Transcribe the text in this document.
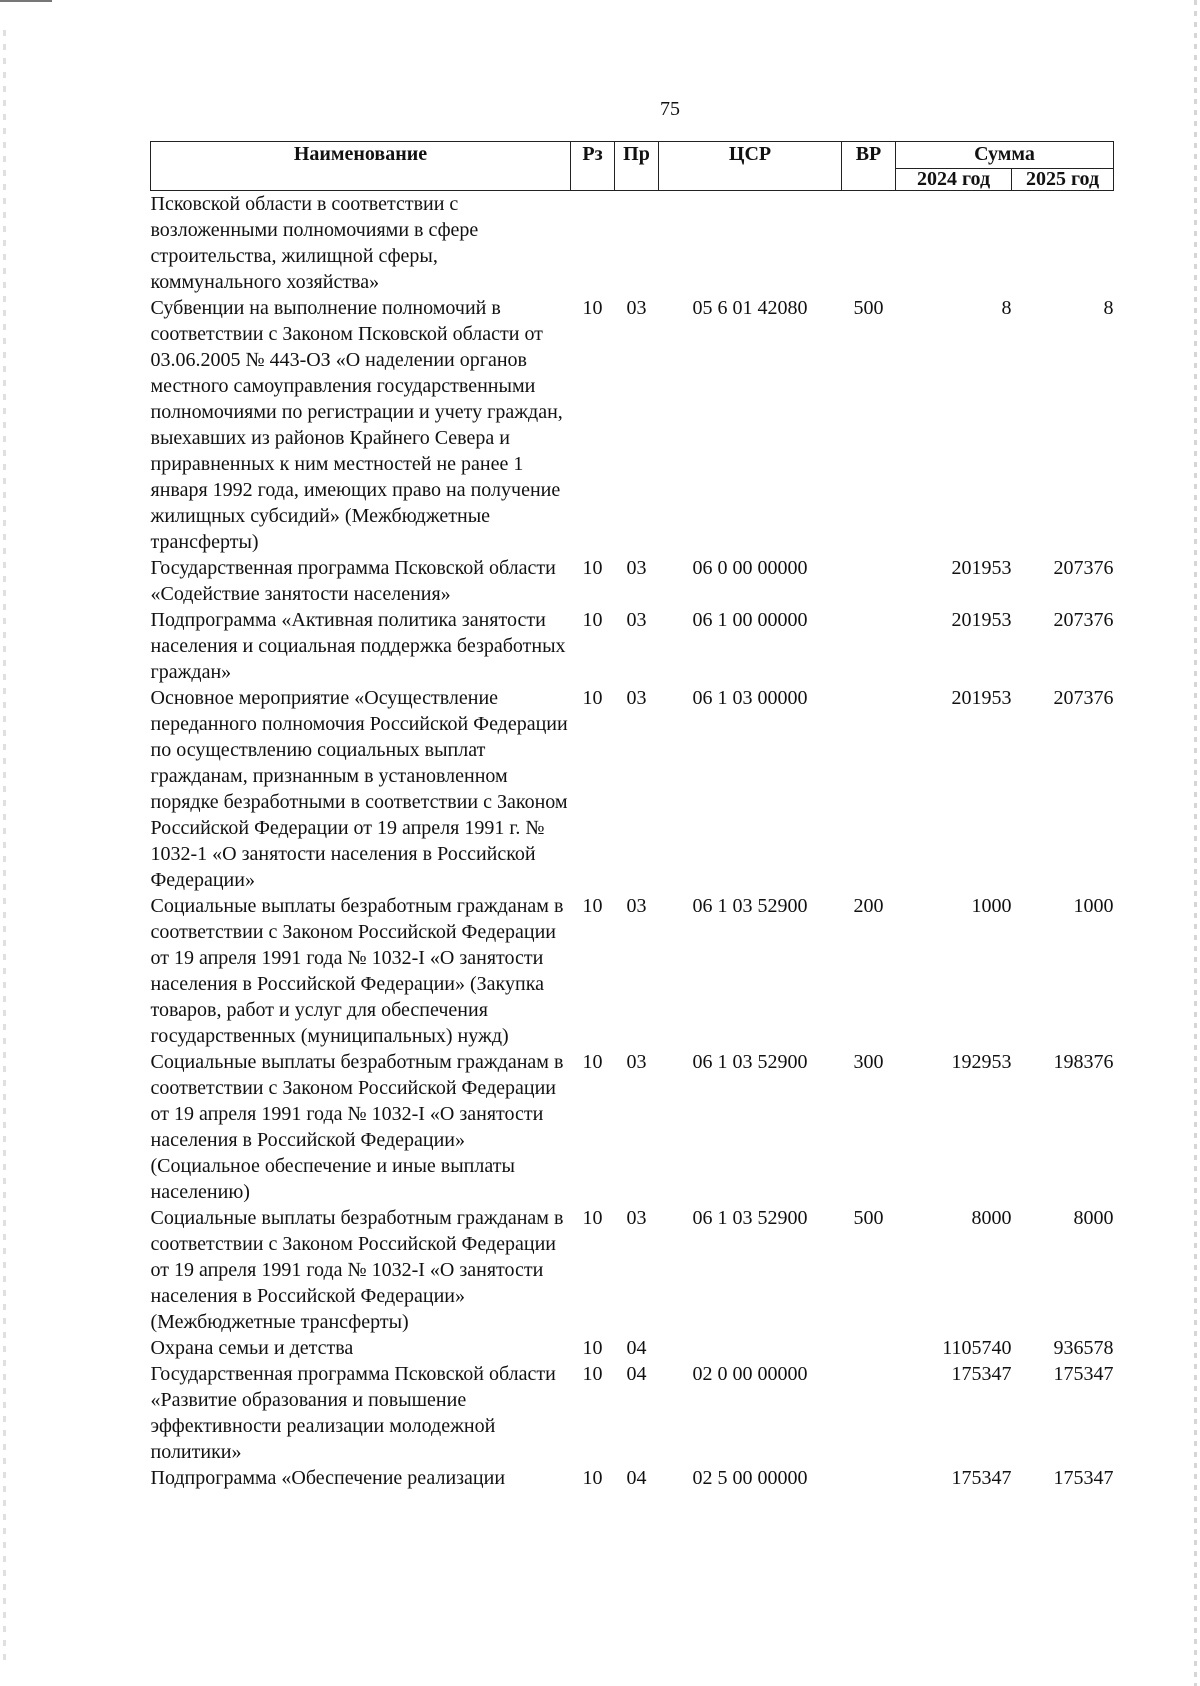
75
Наименование	Рз	Пр	ЦСР	ВР	Сумма	
					2024 год	2025 год
Псковской области в соответствии с возложенными полномочиями в сфере строительства, жилищной сферы, коммунального хозяйства»						
Субвенции на выполнение полномочий в соответствии с Законом Псковской области от 03.06.2005 № 443-ОЗ «О наделении органов местного самоуправления государственными полномочиями по регистрации и учету граждан, выехавших из районов Крайнего Севера и приравненных к ним местностей не ранее 1 января 1992 года, имеющих право на получение жилищных субсидий» (Межбюджетные трансферты)	10	03	05 6 01 42080	500	8	8
Государственная программа Псковской области «Содействие занятости населения»	10	03	06 0 00 00000		201953	207376
Подпрограмма «Активная политика занятости населения и социальная поддержка безработных граждан»	10	03	06 1 00 00000		201953	207376
Основное мероприятие «Осуществление переданного полномочия Российской Федерации по осуществлению социальных выплат гражданам, признанным в установленном порядке безработными в соответствии с Законом Российской Федерации от 19 апреля 1991 г. № 1032-1 «О занятости населения в Российской Федерации»	10	03	06 1 03 00000		201953	207376
Социальные выплаты безработным гражданам в соответствии с Законом Российской Федерации от 19 апреля 1991 года № 1032-I «О занятости населения в Российской Федерации» (Закупка товаров, работ и услуг для обеспечения государственных (муниципальных) нужд)	10	03	06 1 03 52900	200	1000	1000
Социальные выплаты безработным гражданам в соответствии с Законом Российской Федерации от 19 апреля 1991 года № 1032-I «О занятости населения в Российской Федерации» (Социальное обеспечение и иные выплаты населению)	10	03	06 1 03 52900	300	192953	198376
Социальные выплаты безработным гражданам в соответствии с Законом Российской Федерации от 19 апреля 1991 года № 1032-I «О занятости населения в Российской Федерации» (Межбюджетные трансферты)	10	03	06 1 03 52900	500	8000	8000
Охрана семьи и детства	10	04			1105740	936578
Государственная программа Псковской области «Развитие образования и повышение эффективности реализации молодежной политики»	10	04	02 0 00 00000		175347	175347
Подпрограмма «Обеспечение реализации	10	04	02 5 00 00000		175347	175347
